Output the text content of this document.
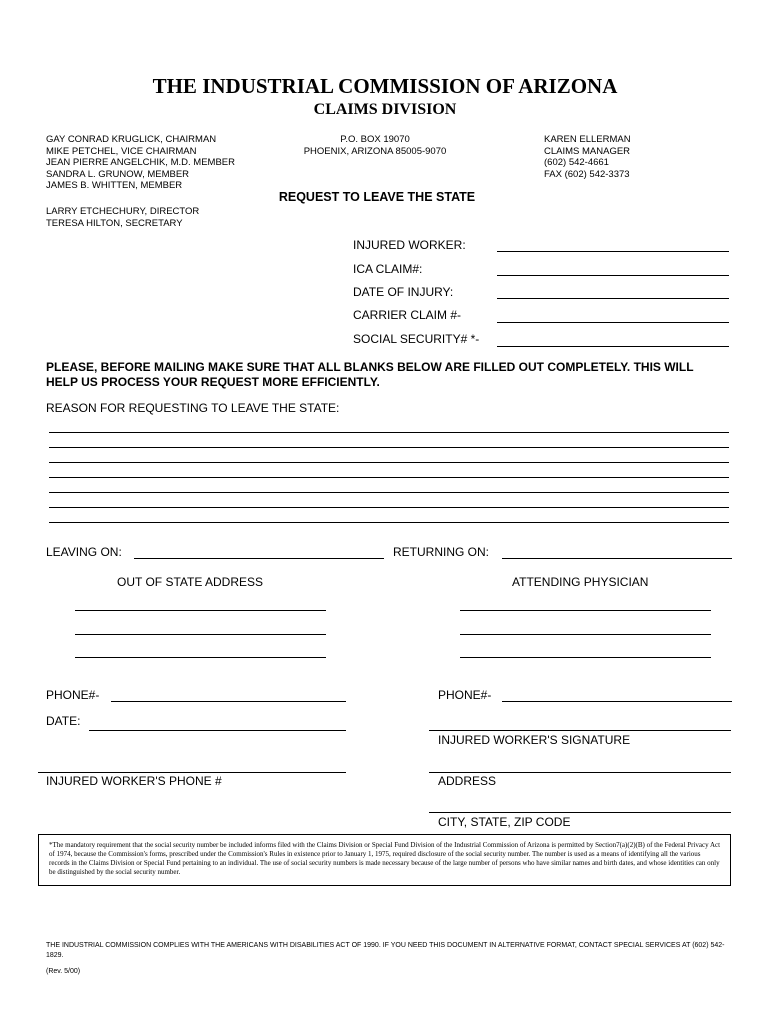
THE INDUSTRIAL COMMISSION OF ARIZONA
CLAIMS DIVISION
GAY CONRAD KRUGLICK, CHAIRMAN
MIKE PETCHEL, VICE CHAIRMAN
JEAN PIERRE ANGELCHIK, M.D. MEMBER
SANDRA L. GRUNOW, MEMBER
JAMES B. WHITTEN, MEMBER
P.O. BOX 19070
PHOENIX, ARIZONA 85005-9070
KAREN ELLERMAN
CLAIMS MANAGER
(602) 542-4661
FAX (602) 542-3373
LARRY ETCHECHURY, DIRECTOR
TERESA HILTON, SECRETARY
REQUEST TO LEAVE THE STATE
INJURED WORKER:
ICA CLAIM#:
DATE OF INJURY:
CARRIER CLAIM #-
SOCIAL SECURITY# *-
PLEASE, BEFORE MAILING MAKE SURE THAT ALL BLANKS BELOW ARE FILLED OUT COMPLETELY. THIS WILL HELP US PROCESS YOUR REQUEST MORE EFFICIENTLY.
REASON FOR REQUESTING TO LEAVE THE STATE:
LEAVING ON:	RETURNING ON:
OUT OF STATE ADDRESS	ATTENDING PHYSICIAN
PHONE#-	PHONE#-
DATE:
INJURED WORKER'S SIGNATURE
INJURED WORKER'S PHONE #	ADDRESS
CITY, STATE, ZIP CODE
*The mandatory requirement that the social security number be included informs filed with the Claims Division or Special Fund Division of the Industrial Commission of Arizona is permitted by Section7(a)(2)(B) of the Federal Privacy Act of 1974, because the Commission's forms, prescribed under the Commission's Rules in existence prior to January 1, 1975, required disclosure of the social security number. The number is used as a means of identifying all the various records in the Claims Division or Special Fund pertaining to an individual. The use of social security numbers is made necessary because of the large number of persons who have similar names and birth dates, and whose identities can only be distinguished by the social security number.
THE INDUSTRIAL COMMISSION COMPLIES WITH THE AMERICANS WITH DISABILITIES ACT OF 1990. IF YOU NEED THIS DOCUMENT IN ALTERNATIVE FORMAT, CONTACT SPECIAL SERVICES AT (602) 542-1829.
(Rev. 5/00)
